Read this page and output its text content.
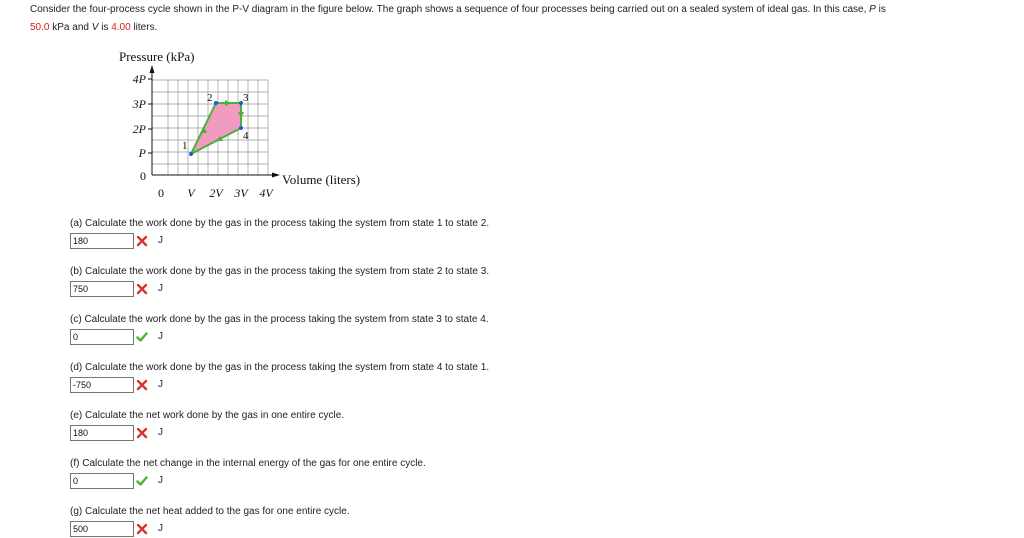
Consider the four-process cycle shown in the P-V diagram in the figure below. The graph shows a sequence of four processes being carried out on a sealed system of ideal gas. In this case, P is
50.0 kPa and V is 4.00 liters.
Pressure (kPa)
0
P
2P
3P
4P
0 V 2V 3V 4V
Volume (liters)
1
2	3
4
(a) Calculate the work done by the gas in the process taking the system from state 1 to state 2.
180
J
(b) Calculate the work done by the gas in the process taking the system from state 2 to state 3.
750
J
(c) Calculate the work done by the gas in the process taking the system from state 3 to state 4.
0
J
(d) Calculate the work done by the gas in the process taking the system from state 4 to state 1.
-750
J
(e) Calculate the net work done by the gas in one entire cycle.
180
J
(f) Calculate the net change in the internal energy of the gas for one entire cycle.
0
J
(g) Calculate the net heat added to the gas for one entire cycle.
500
J
